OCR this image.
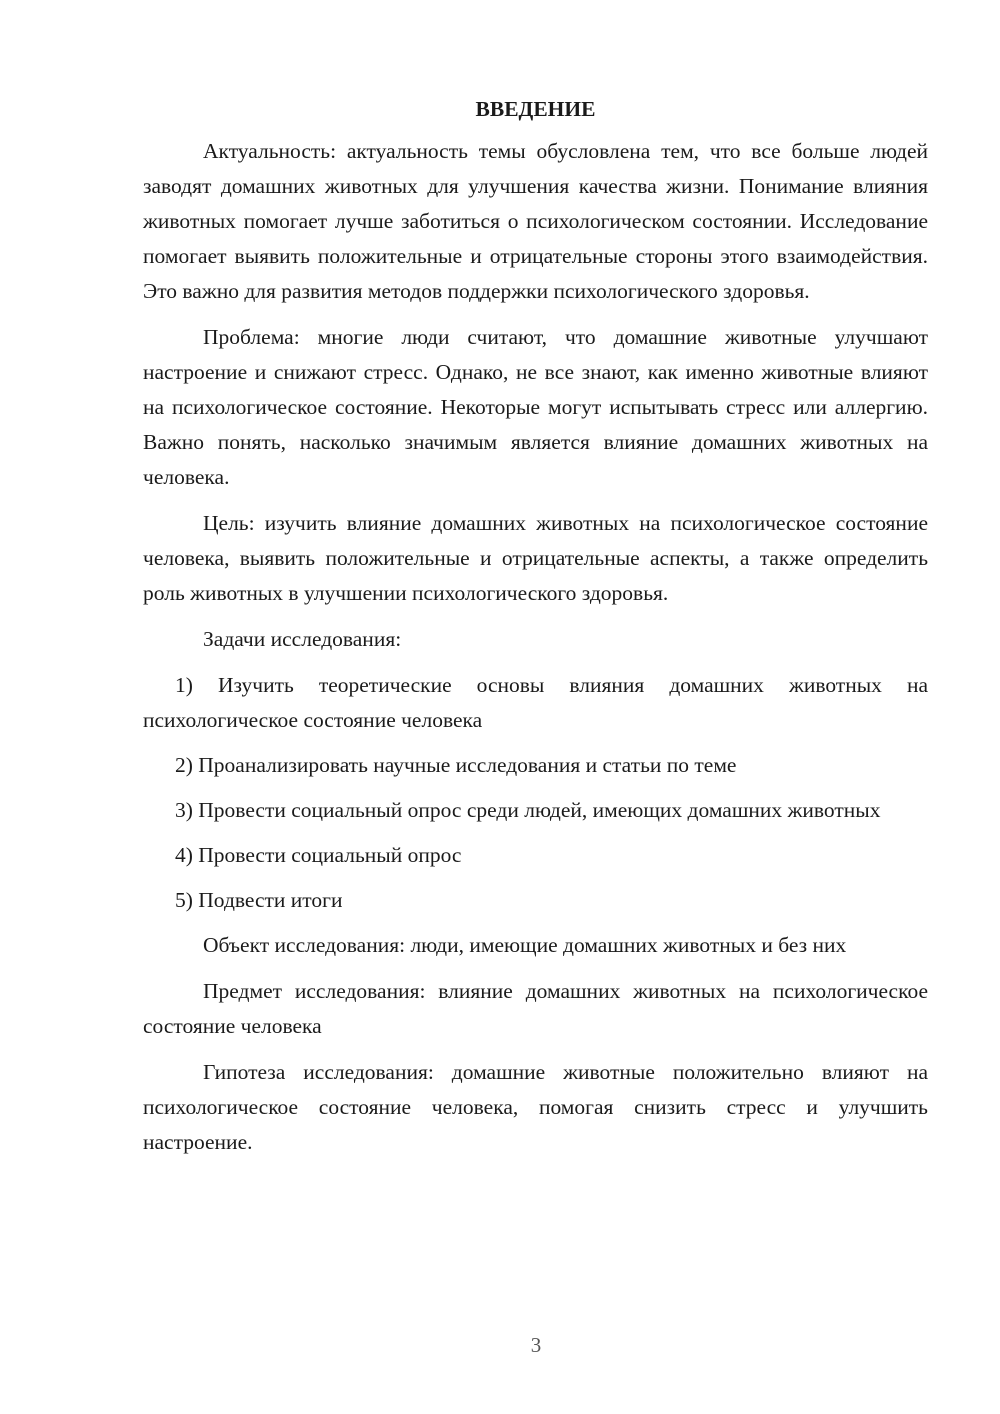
ВВЕДЕНИЕ

Актуальность: актуальность темы обусловлена тем, что все больше людей заводят домашних животных для улучшения качества жизни. Понимание влияния животных помогает лучше заботиться о психологическом состоянии. Исследование помогает выявить положительные и отрицательные стороны этого взаимодействия. Это важно для развития методов поддержки психологического здоровья.

Проблема: многие люди считают, что домашние животные улучшают настроение и снижают стресс. Однако, не все знают, как именно животные влияют на психологическое состояние. Некоторые могут испытывать стресс или аллергию. Важно понять, насколько значимым является влияние домашних животных на человека.

Цель: изучить влияние домашних животных на психологическое состояние человека, выявить положительные и отрицательные аспекты, а также определить роль животных в улучшении психологического здоровья.

Задачи исследования:

1) Изучить теоретические основы влияния домашних животных на психологическое состояние человека

2) Проанализировать научные исследования и статьи по теме

3) Провести социальный опрос среди людей, имеющих домашних животных

4) Провести социальный опрос

5) Подвести итоги

Объект исследования: люди, имеющие домашних животных и без них

Предмет исследования: влияние домашних животных на психологическое состояние человека

Гипотеза исследования: домашние животные положительно влияют на психологическое состояние человека, помогая снизить стресс и улучшить настроение.

3
